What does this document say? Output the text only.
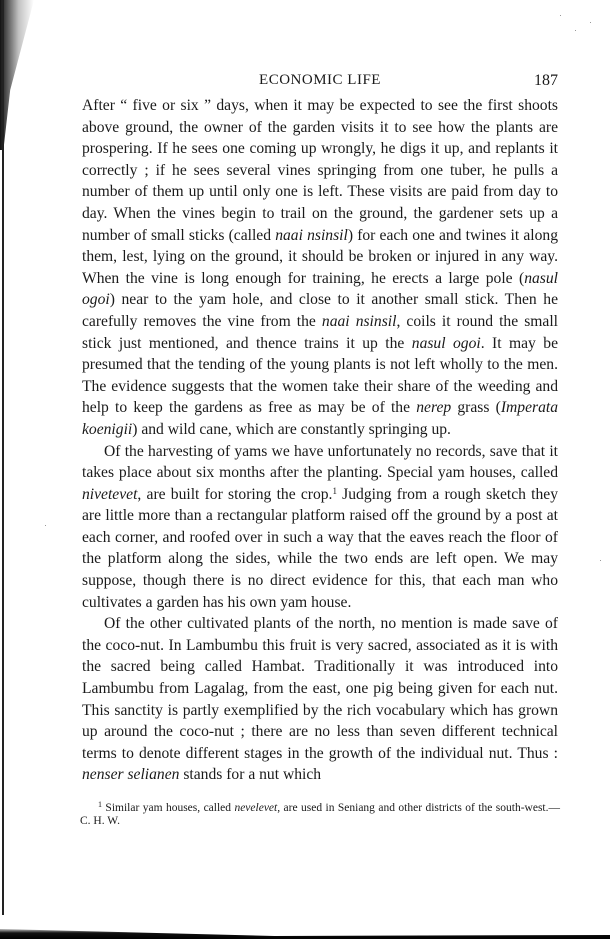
ECONOMIC LIFE	187

After “ five or six ” days, when it may be expected to see the first shoots above ground, the owner of the garden visits it to see how the plants are prospering. If he sees one coming up wrongly, he digs it up, and replants it correctly ; if he sees several vines springing from one tuber, he pulls a number of them up until only one is left. These visits are paid from day to day. When the vines begin to trail on the ground, the gardener sets up a number of small sticks (called naai nsinsil) for each one and twines it along them, lest, lying on the ground, it should be broken or injured in any way. When the vine is long enough for training, he erects a large pole (nasul ogoi) near to the yam hole, and close to it another small stick. Then he carefully removes the vine from the naai nsinsil, coils it round the small stick just mentioned, and thence trains it up the nasul ogoi. It may be presumed that the tending of the young plants is not left wholly to the men. The evidence suggests that the women take their share of the weeding and help to keep the gardens as free as may be of the nerep grass (Imperata koenigii) and wild cane, which are constantly springing up.

Of the harvesting of yams we have unfortunately no records, save that it takes place about six months after the planting. Special yam houses, called nivetevet, are built for storing the crop.$^1$ Judging from a rough sketch they are little more than a rectangular platform raised off the ground by a post at each corner, and roofed over in such a way that the eaves reach the floor of the platform along the sides, while the two ends are left open. We may suppose, though there is no direct evidence for this, that each man who cultivates a garden has his own yam house.

Of the other cultivated plants of the north, no mention is made save of the coco-nut. In Lambumbu this fruit is very sacred, associated as it is with the sacred being called Hambat. Traditionally it was introduced into Lambumbu from Lagalag, from the east, one pig being given for each nut. This sanctity is partly exemplified by the rich vocabulary which has grown up around the coco-nut ; there are no less than seven different technical terms to denote different stages in the growth of the individual nut. Thus : nenser selianen stands for a nut which

$^1$ Similar yam houses, called nevelevet, are used in Seniang and other districts of the south-west.—C. H. W.
